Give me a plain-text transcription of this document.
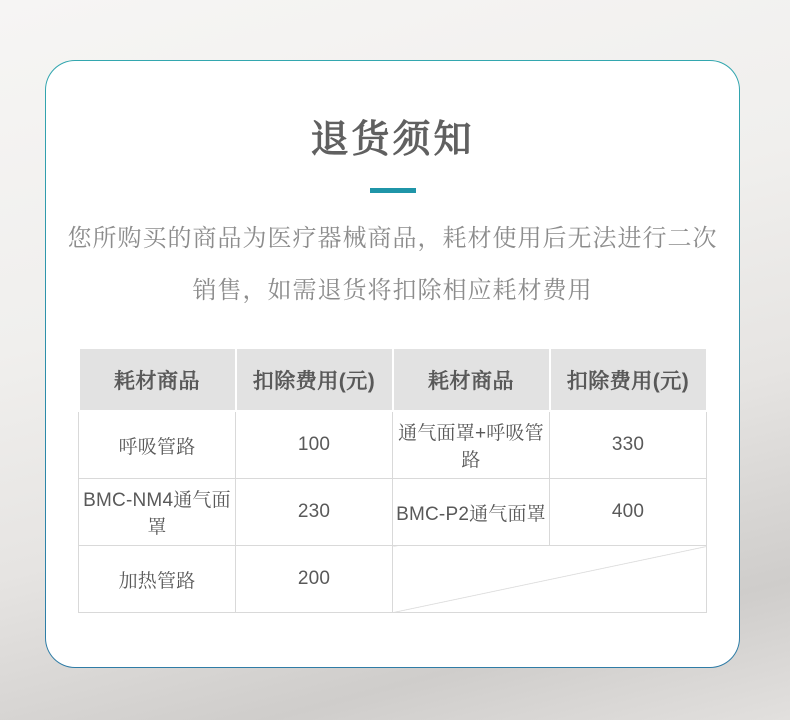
退货须知

您所购买的商品为医疗器械商品，耗材使用后无法进行二次销售，如需退货将扣除相应耗材费用

耗材商品	扣除费用(元)	耗材商品	扣除费用(元)
呼吸管路	100	通气面罩+呼吸管路	330
BMC-NM4通气面罩	230	BMC-P2通气面罩	400
加热管路	200		
